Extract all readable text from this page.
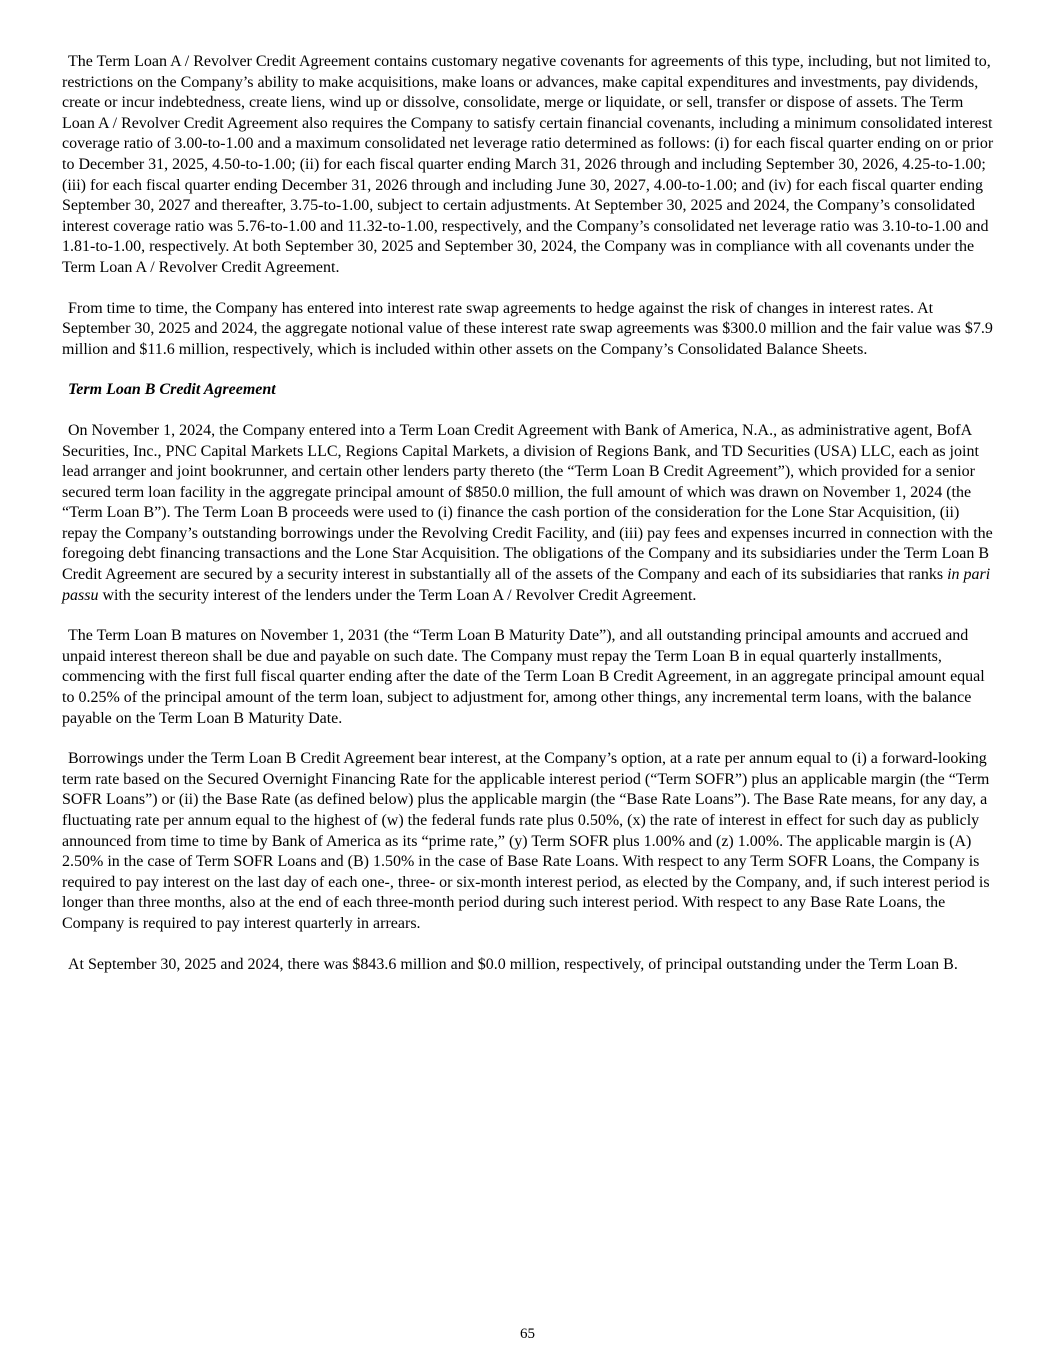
The Term Loan A / Revolver Credit Agreement contains customary negative covenants for agreements of this type, including, but not limited to, restrictions on the Company’s ability to make acquisitions, make loans or advances, make capital expenditures and investments, pay dividends, create or incur indebtedness, create liens, wind up or dissolve, consolidate, merge or liquidate, or sell, transfer or dispose of assets. The Term Loan A / Revolver Credit Agreement also requires the Company to satisfy certain financial covenants, including a minimum consolidated interest coverage ratio of 3.00-to-1.00 and a maximum consolidated net leverage ratio determined as follows: (i) for each fiscal quarter ending on or prior to December 31, 2025, 4.50-to-1.00; (ii) for each fiscal quarter ending March 31, 2026 through and including September 30, 2026, 4.25-to-1.00; (iii) for each fiscal quarter ending December 31, 2026 through and including June 30, 2027, 4.00-to-1.00; and (iv) for each fiscal quarter ending September 30, 2027 and thereafter, 3.75-to-1.00, subject to certain adjustments. At September 30, 2025 and 2024, the Company’s consolidated interest coverage ratio was 5.76-to-1.00 and 11.32-to-1.00, respectively, and the Company’s consolidated net leverage ratio was 3.10-to-1.00 and 1.81-to-1.00, respectively. At both September 30, 2025 and September 30, 2024, the Company was in compliance with all covenants under the Term Loan A / Revolver Credit Agreement.

From time to time, the Company has entered into interest rate swap agreements to hedge against the risk of changes in interest rates. At September 30, 2025 and 2024, the aggregate notional value of these interest rate swap agreements was $300.0 million and the fair value was $7.9 million and $11.6 million, respectively, which is included within other assets on the Company’s Consolidated Balance Sheets.

Term Loan B Credit Agreement

On November 1, 2024, the Company entered into a Term Loan Credit Agreement with Bank of America, N.A., as administrative agent, BofA Securities, Inc., PNC Capital Markets LLC, Regions Capital Markets, a division of Regions Bank, and TD Securities (USA) LLC, each as joint lead arranger and joint bookrunner, and certain other lenders party thereto (the “Term Loan B Credit Agreement”), which provided for a senior secured term loan facility in the aggregate principal amount of $850.0 million, the full amount of which was drawn on November 1, 2024 (the “Term Loan B”). The Term Loan B proceeds were used to (i) finance the cash portion of the consideration for the Lone Star Acquisition, (ii) repay the Company’s outstanding borrowings under the Revolving Credit Facility, and (iii) pay fees and expenses incurred in connection with the foregoing debt financing transactions and the Lone Star Acquisition. The obligations of the Company and its subsidiaries under the Term Loan B Credit Agreement are secured by a security interest in substantially all of the assets of the Company and each of its subsidiaries that ranks in pari passu with the security interest of the lenders under the Term Loan A / Revolver Credit Agreement.

The Term Loan B matures on November 1, 2031 (the “Term Loan B Maturity Date”), and all outstanding principal amounts and accrued and unpaid interest thereon shall be due and payable on such date. The Company must repay the Term Loan B in equal quarterly installments, commencing with the first full fiscal quarter ending after the date of the Term Loan B Credit Agreement, in an aggregate principal amount equal to 0.25% of the principal amount of the term loan, subject to adjustment for, among other things, any incremental term loans, with the balance payable on the Term Loan B Maturity Date.

Borrowings under the Term Loan B Credit Agreement bear interest, at the Company’s option, at a rate per annum equal to (i) a forward-looking term rate based on the Secured Overnight Financing Rate for the applicable interest period (“Term SOFR”) plus an applicable margin (the “Term SOFR Loans”) or (ii) the Base Rate (as defined below) plus the applicable margin (the “Base Rate Loans”). The Base Rate means, for any day, a fluctuating rate per annum equal to the highest of (w) the federal funds rate plus 0.50%, (x) the rate of interest in effect for such day as publicly announced from time to time by Bank of America as its “prime rate,” (y) Term SOFR plus 1.00% and (z) 1.00%. The applicable margin is (A) 2.50% in the case of Term SOFR Loans and (B) 1.50% in the case of Base Rate Loans. With respect to any Term SOFR Loans, the Company is required to pay interest on the last day of each one-, three- or six-month interest period, as elected by the Company, and, if such interest period is longer than three months, also at the end of each three-month period during such interest period. With respect to any Base Rate Loans, the Company is required to pay interest quarterly in arrears.

At September 30, 2025 and 2024, there was $843.6 million and $0.0 million, respectively, of principal outstanding under the Term Loan B.

65
